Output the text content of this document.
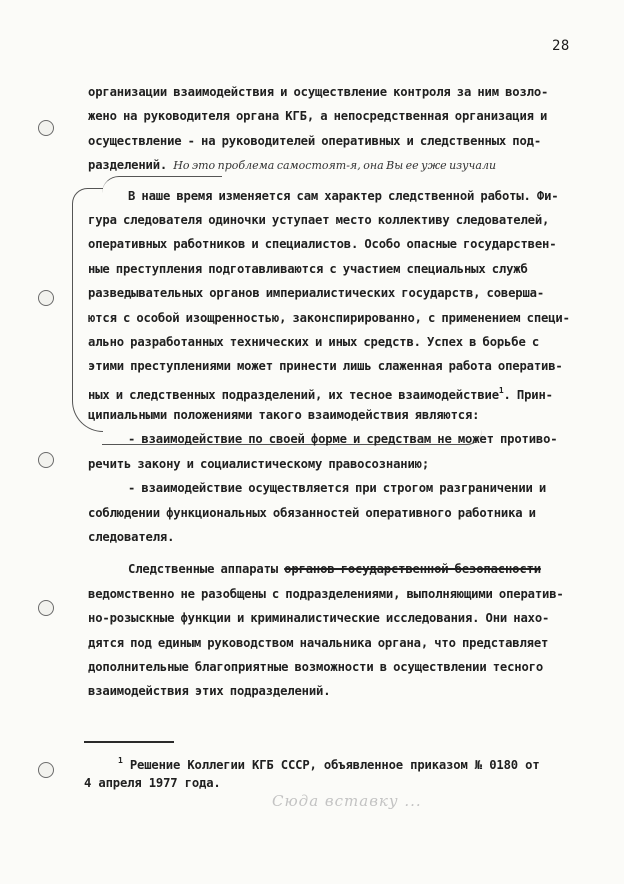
28
организации взаимодействия и осуществление контроля за ним возло-
жено на руководителя органа КГБ, а непосредственная организация и
осуществление - на руководителей оперативных и следственных под-
разделений. Но это проблема самостоят-я, она Вы ее уже изучали
В наше время изменяется сам характер следственной работы. Фи-
гура следователя одиночки уступает место коллективу следователей,
оперативных работников и специалистов. Особо опасные государствен-
ные преступления подготавливаются с участием специальных служб
разведывательных органов империалистических государств, соверша-
ются с особой изощренностью, законспирированно, с применением специ-
ально разработанных технических и иных средств. Успех в борьбе с
этими преступлениями может принести лишь слаженная работа оператив-
ных и следственных подразделений, их тесное взаимодействие$^1$. Прин-
ципиальными положениями такого взаимодействия являются:
- взаимодействие по своей форме и средствам не может противо-
речить закону и социалистическому правосознанию;
- взаимодействие осуществляется при строгом разграничении и
соблюдении функциональных обязанностей оперативного работника и
следователя.
Следственные аппараты органов государственной безопасности
ведомственно не разобщены с подразделениями, выполняющими оператив-
но-розыскные функции и криминалистические исследования. Они нахо-
дятся под единым руководством начальника органа, что представляет
дополнительные благоприятные возможности в осуществлении тесного
взаимодействия этих подразделений.
$^1$ Решение Коллегии КГБ СССР, объявленное приказом № 0180 от
4 апреля 1977 года.
Сюда вставку ...
